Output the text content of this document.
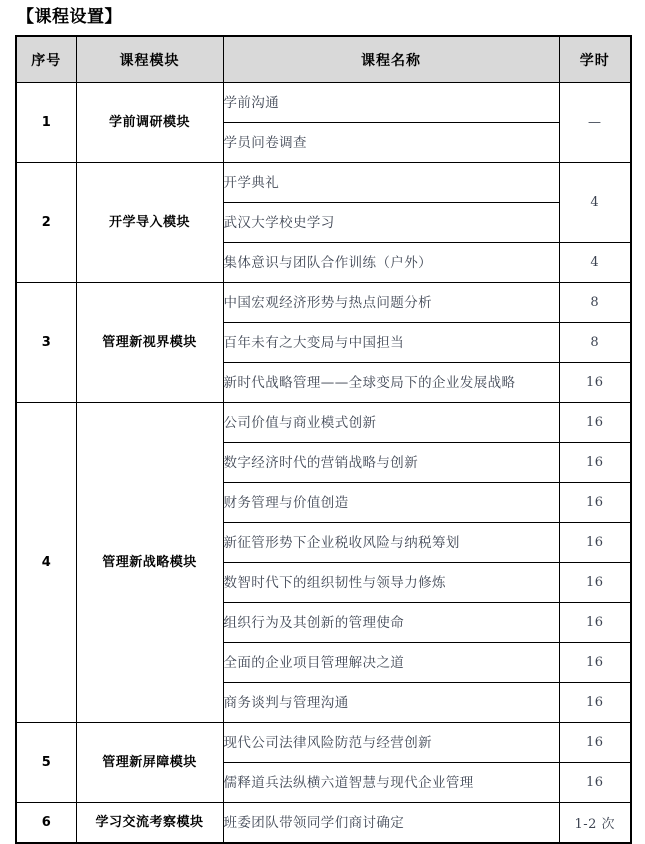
【课程设置】
序号	课程模块	课程名称	学时
1	学前调研模块	学前沟通	—
		学员问卷调查	
2	开学导入模块	开学典礼	4
		武汉大学校史学习	
		集体意识与团队合作训练（户外）	4
3	管理新视界模块	中国宏观经济形势与热点问题分析	8
		百年未有之大变局与中国担当	8
		新时代战略管理——全球变局下的企业发展战略	16
4	管理新战略模块	公司价值与商业模式创新	16
		数字经济时代的营销战略与创新	16
		财务管理与价值创造	16
		新征管形势下企业税收风险与纳税筹划	16
		数智时代下的组织韧性与领导力修炼	16
		组织行为及其创新的管理使命	16
		全面的企业项目管理解决之道	16
		商务谈判与管理沟通	16
5	管理新屏障模块	现代公司法律风险防范与经营创新	16
		儒释道兵法纵横六道智慧与现代企业管理	16
6	学习交流考察模块	班委团队带领同学们商讨确定	1-2 次
